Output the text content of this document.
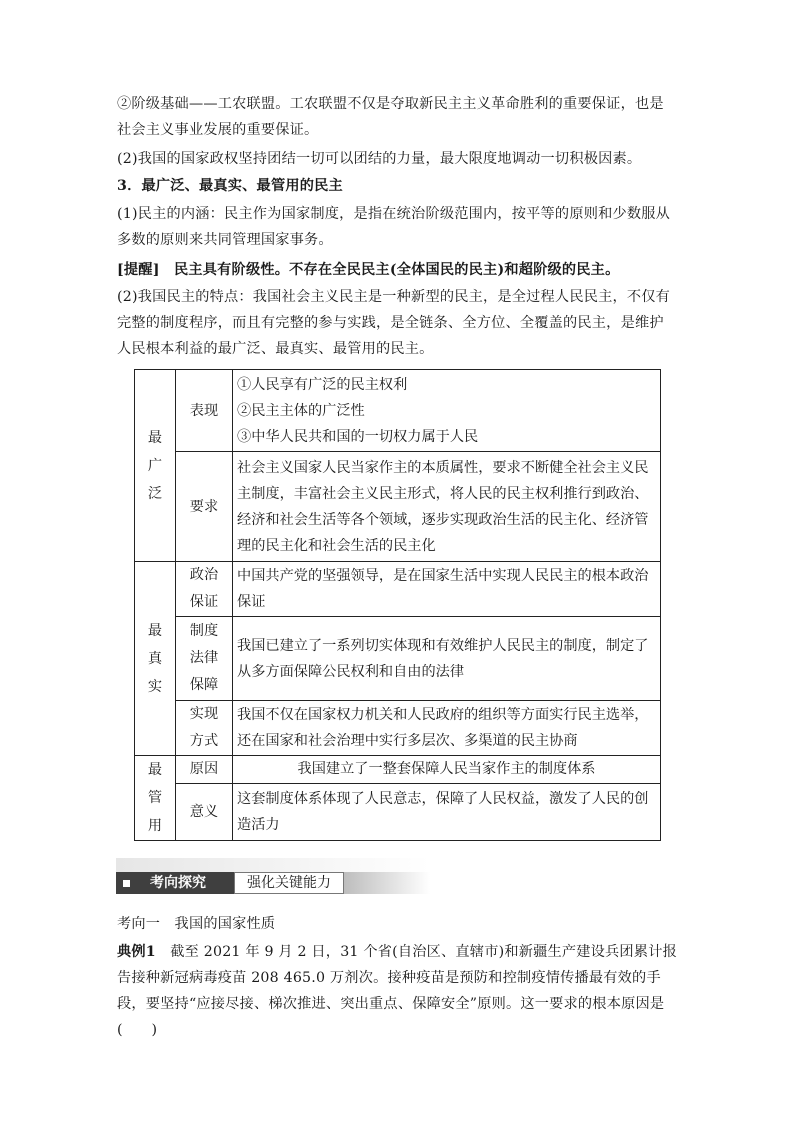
②阶级基础——工农联盟。工农联盟不仅是夺取新民主主义革命胜利的重要保证，也是社会主义事业发展的重要保证。
(2)我国的国家政权坚持团结一切可以团结的力量，最大限度地调动一切积极因素。
3．最广泛、最真实、最管用的民主
(1)民主的内涵：民主作为国家制度，是指在统治阶级范围内，按平等的原则和少数服从多数的原则来共同管理国家事务。
[提醒]　 民主具有阶级性。不存在全民民主(全体国民的民主)和超阶级的民主。
(2)我国民主的特点：我国社会主义民主是一种新型的民主，是全过程人民民主，不仅有完整的制度程序，而且有完整的参与实践，是全链条、全方位、全覆盖的民主，是维护人民根本利益的最广泛、最真实、最管用的民主。
最广泛	表现	①人民享有广泛的民主权利
②民主主体的广泛性
③中华人民共和国的一切权力属于人民

	要求	社会主义国家人民当家作主的本质属性，要求不断健全社会主义民主制度，丰富社会主义民主形式，将人民的民主权利推行到政治、经济和社会生活等各个领域，逐步实现政治生活的民主化、经济管理的民主化和社会生活的民主化
最真实	政治保证	中国共产党的坚强领导，是在国家生活中实现人民民主的根本政治保证
	制度法律保障	我国已建立了一系列切实体现和有效维护人民民主的制度，制定了从多方面保障公民权利和自由的法律
	实现方式	我国不仅在国家权力机关和人民政府的组织等方面实行民主选举，还在国家和社会治理中实行多层次、多渠道的民主协商
最管用	原因	我国建立了一整套保障人民当家作主的制度体系
	意义	这套制度体系体现了人民意志，保障了人民权益，激发了人民的创造活力
考向探究	强化关键能力
考向一　我国的国家性质
典例1　 截至 2021 年 9 月 2 日，31 个省(自治区、直辖市)和新疆生产建设兵团累计报告接种新冠病毒疫苗 208 465.0 万剂次。接种疫苗是预防和控制疫情传播最有效的手段，要坚持“应接尽接、梯次推进、突出重点、保障安全”原则。这一要求的根本原因是(　　)
